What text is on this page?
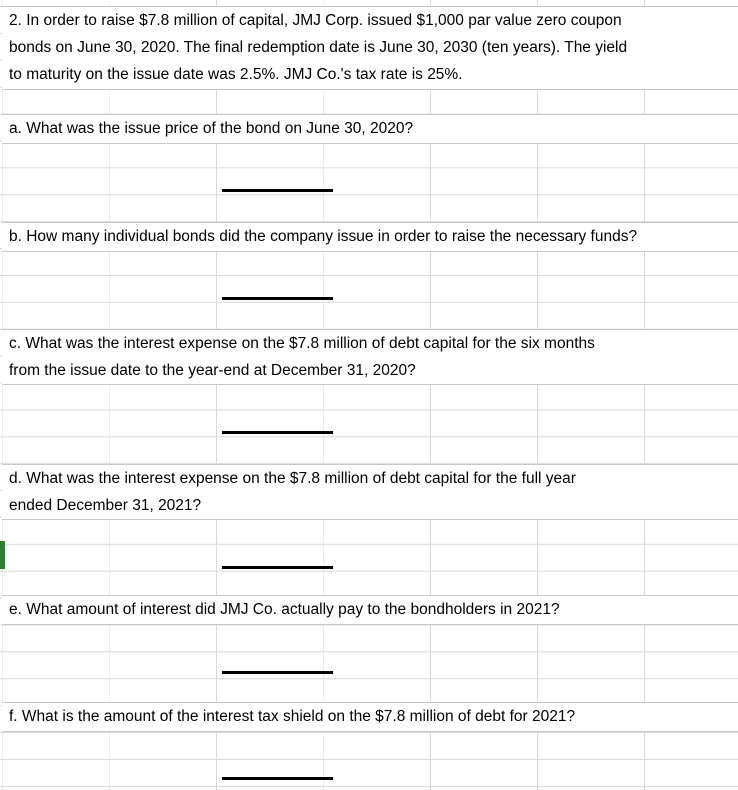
2. In order to raise $7.8 million of capital, JMJ Corp. issued $1,000 par value zero coupon
bonds on June 30, 2020. The final redemption date is June 30, 2030 (ten years). The yield
to maturity on the issue date was 2.5%. JMJ Co.'s tax rate is 25%.
a. What was the issue price of the bond on June 30, 2020?
b. How many individual bonds did the company issue in order to raise the necessary funds?
c. What was the interest expense on the $7.8 million of debt capital for the six months
from the issue date to the year-end at December 31, 2020?
d. What was the interest expense on the $7.8 million of debt capital for the full year
ended December 31, 2021?
e. What amount of interest did JMJ Co. actually pay to the bondholders in 2021?
f. What is the amount of the interest tax shield on the $7.8 million of debt for 2021?
